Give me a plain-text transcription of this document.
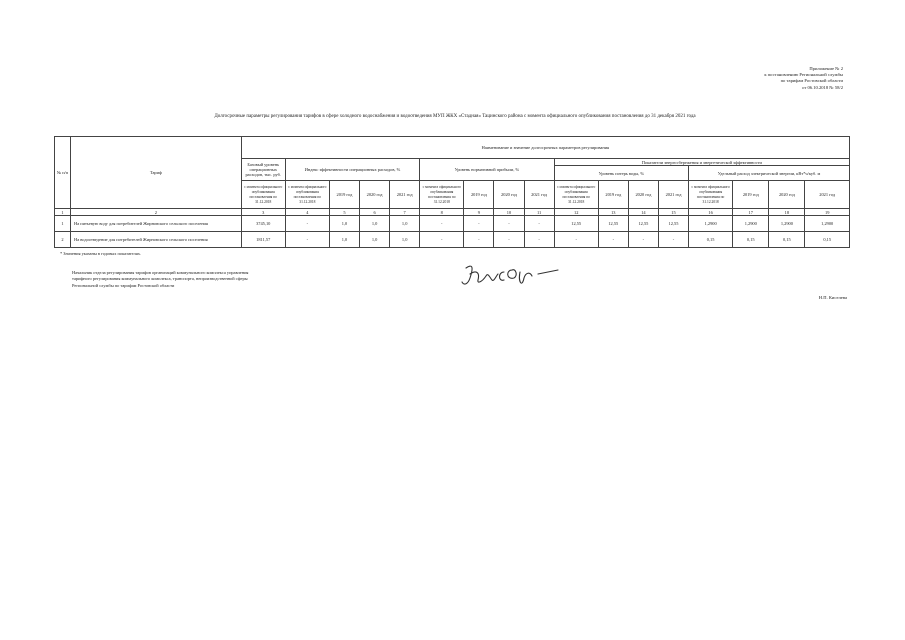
Приложение № 2
к постановлению Региональной службы
по тарифам Ростовской области
от 06.10.2018 № 58/2
Долгосрочные параметры регулирования тарифов в сфере холодного водоснабжения и водоотведения МУП ЖКХ «Стадная» Тацинского района с момента официального опубликования постановления до 31 декабря 2021 года
№ п/п	Тариф	Наименование и значение долгосрочных параметров регулирования																
		Базовый уровень операционных расходов, тыс. руб.	Индекс эффективности операционных расходов, %				Уровень нормативной прибыли, %				Показатели энергосбережения и энергетической эффективности							
											Уровень потерь воды, %				Удельный расход электрической энергии, кВт*ч/куб. м			
		с момента официального опубликования постановления по 31.12.2018	с момента официального опубликования постановления по 31.12.2018	2019 год	2020 год	2021 год	с момента официального опубликования постановления по 31.12.2018	2019 год	2020 год	2021 год	с момента официального опубликования постановления по 31.12.2018	2019 год	2020 год	2021 год	с момента официального опубликования постановления по 31.12.2018	2019 год	2020 год	2021 год
1	2	3	4	5	6	7	8	9	10	11	12	13	14	15	16	17	18	19
1	На питьевую воду для потребителей Жирновского сельского поселения	3745,10	-	1,0	1,0	1,0	-	-	-	-	12,55	12,55	12,55	12,55	1,2900	1,2900	1,2900	1,2900
2	На водоотведение для потребителей Жирновского сельского поселения	1811,57	-	1,0	1,0	1,0	-	-	-	-	-	-	-	-	0,15	0,15	0,15	0,15
* Значения указаны в годовых показателях.
Начальник отдела регулирования тарифов организаций коммунального комплекса управления тарифного регулирования коммунального комплекса, транспорта, непроизводственной сферы Региональной службы по тарифам Ростовской области
Н.П. Киселева
